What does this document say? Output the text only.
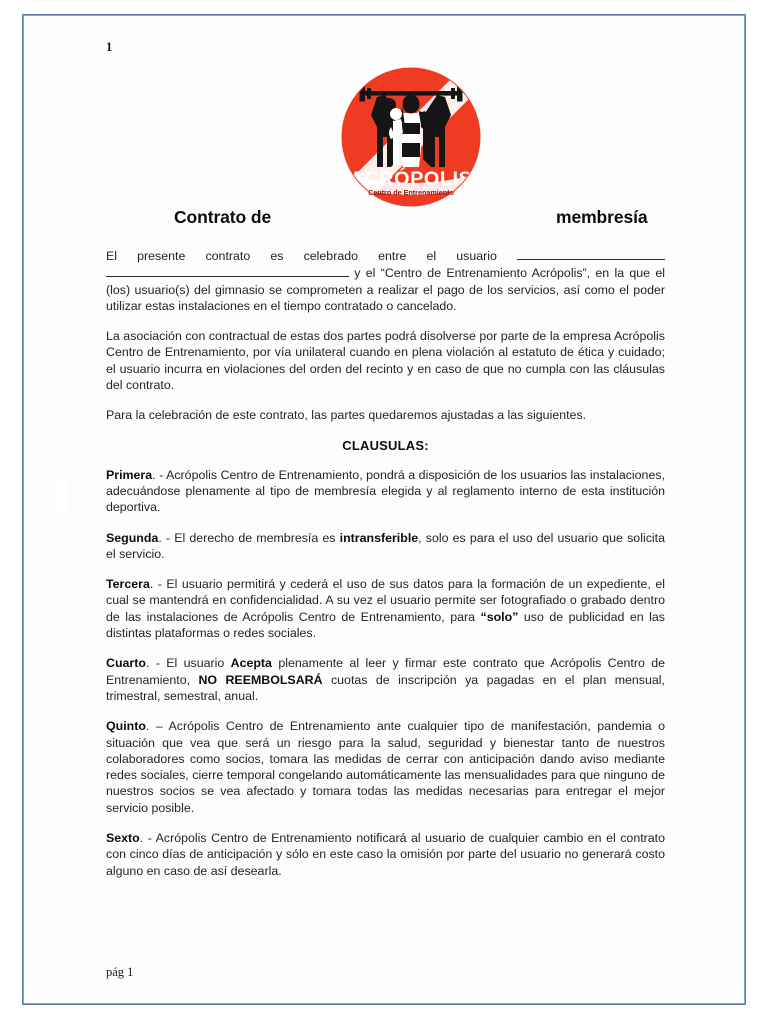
1
ACRÓPOLIS
Centro de Entrenamiento
Contrato de	membresía

El presente contrato es celebrado entre el usuario   y el “Centro de Entrenamiento Acrópolis”, en la que el (los) usuario(s) del gimnasio se comprometen a realizar el pago de los servicios, así como el poder utilizar estas instalaciones en el tiempo contratado o cancelado.

La asociación con contractual de estas dos partes podrá disolverse por parte de la empresa Acrópolis Centro de Entrenamiento, por vía unilateral cuando en plena violación al estatuto de ética y cuidado; el usuario incurra en violaciones del orden del recinto y en caso de que no cumpla con las cláusulas del contrato.

Para la celebración de este contrato, las partes quedaremos ajustadas a las siguientes.

CLAUSULAS:

Primera. - Acrópolis Centro de Entrenamiento, pondrá a disposición de los usuarios las instalaciones, adecuándose plenamente al tipo de membresía elegida y al reglamento interno de esta institución deportiva.

Segunda. - El derecho de membresía es intransferible, solo es para el uso del usuario que solicita el servicio.

Tercera. - El usuario permitirá y cederá el uso de sus datos para la formación de un expediente, el cual se mantendrá en confidencialidad. A su vez el usuario permite ser fotografiado o grabado dentro de las instalaciones de Acrópolis Centro de Entrenamiento, para “solo” uso de publicidad en las distintas plataformas o redes sociales.

Cuarto. - El usuario Acepta plenamente al leer y firmar este contrato que Acrópolis Centro de Entrenamiento, NO REEMBOLSARÁ cuotas de inscripción ya pagadas en el plan mensual, trimestral, semestral, anual.

Quinto. – Acrópolis Centro de Entrenamiento ante cualquier tipo de manifestación, pandemia o situación que vea que será un riesgo para la salud, seguridad y bienestar tanto de nuestros colaboradores como socios, tomara las medidas de cerrar con anticipación dando aviso mediante redes sociales, cierre temporal congelando automáticamente las mensualidades para que ninguno de nuestros socios se vea afectado y tomara todas las medidas necesarias para entregar el mejor servicio posible.

Sexto. - Acrópolis Centro de Entrenamiento notificará al usuario de cualquier cambio en el contrato con cinco días de anticipación y sólo en este caso la omisión por parte del usuario no generará costo alguno en caso de así desearla.

pág 1
